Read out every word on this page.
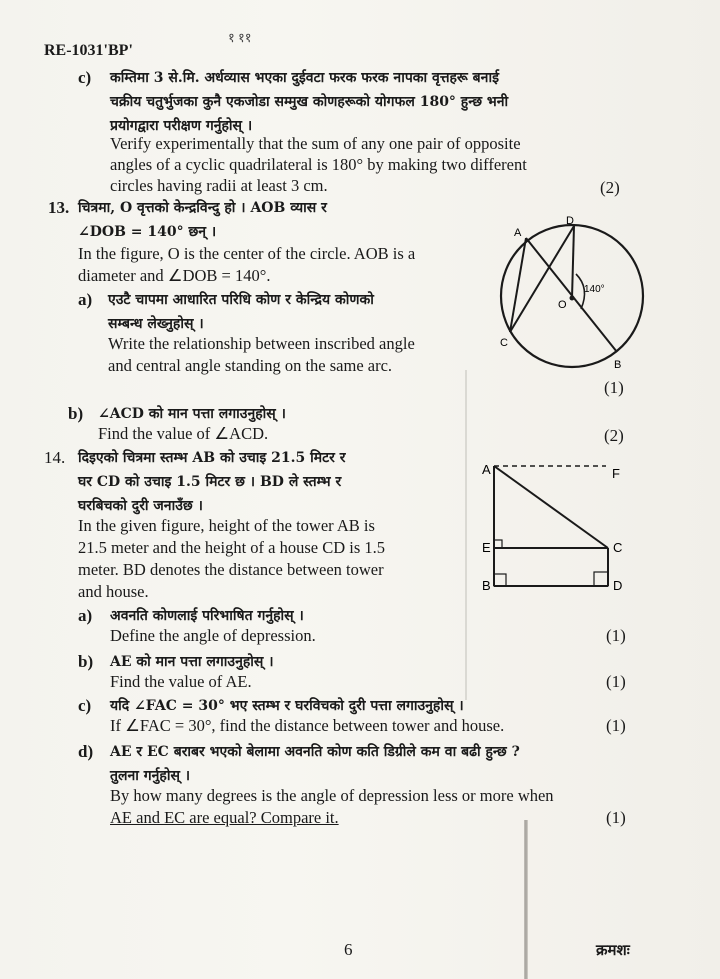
१ ११
RE-1031'BP'
c) कम्तिमा 3 से.मि. अर्धव्यास भएका दुईवटा फरक फरक नापका वृत्तहरू बनाई
चक्रीय चतुर्भुजका कुनै एकजोडा सम्मुख कोणहरूको योगफल 180° हुन्छ भनी
प्रयोगद्वारा परीक्षण गर्नुहोस् ।
Verify experimentally that the sum of any one pair of opposite
angles of a cyclic quadrilateral is 180° by making two different
circles having radii at least 3 cm.	(2)
13. चित्रमा, O वृत्तको केन्द्रविन्दु हो । AOB व्यास र
∠DOB = 140° छन् ।
In the figure, O is the center of the circle. AOB is a
diameter and ∠DOB = 140°.
a) एउटै चापमा आधारित परिधि कोण र केन्द्रिय कोणको
सम्बन्ध लेख्नुहोस् ।
Write the relationship between inscribed angle
and central angle standing on the same arc.
(1)
b) ∠ACD को मान पत्ता लगाउनुहोस् ।
Find the value of ∠ACD.	(2)
A
D
O
B
C
140°
14. दिइएको चित्रमा स्तम्भ AB को उचाइ 21.5 मिटर र
घर CD को उचाइ 1.5 मिटर छ । BD ले स्तम्भ र
घरबिचको दुरी जनाउँछ ।
In the given figure, height of the tower AB is
21.5 meter and the height of a house CD is 1.5
meter. BD denotes the distance between tower
and house.
a) अवनति कोणलाई परिभाषित गर्नुहोस् ।
Define the angle of depression.	(1)
b) AE को मान पत्ता लगाउनुहोस् ।
Find the value of AE.	(1)
c) यदि ∠FAC = 30° भए स्तम्भ र घरविचको दुरी पत्ता लगाउनुहोस् ।
If ∠FAC = 30°, find the distance between tower and house.	(1)
d) AE र EC बराबर भएको बेलामा अवनति कोण कति डिग्रीले कम वा बढी हुन्छ ?
तुलना गर्नुहोस् ।
By how many degrees is the angle of depression less or more when
AE and EC are equal? Compare it.	(1)
A	F
E	C
B	D
6	क्रमशः
